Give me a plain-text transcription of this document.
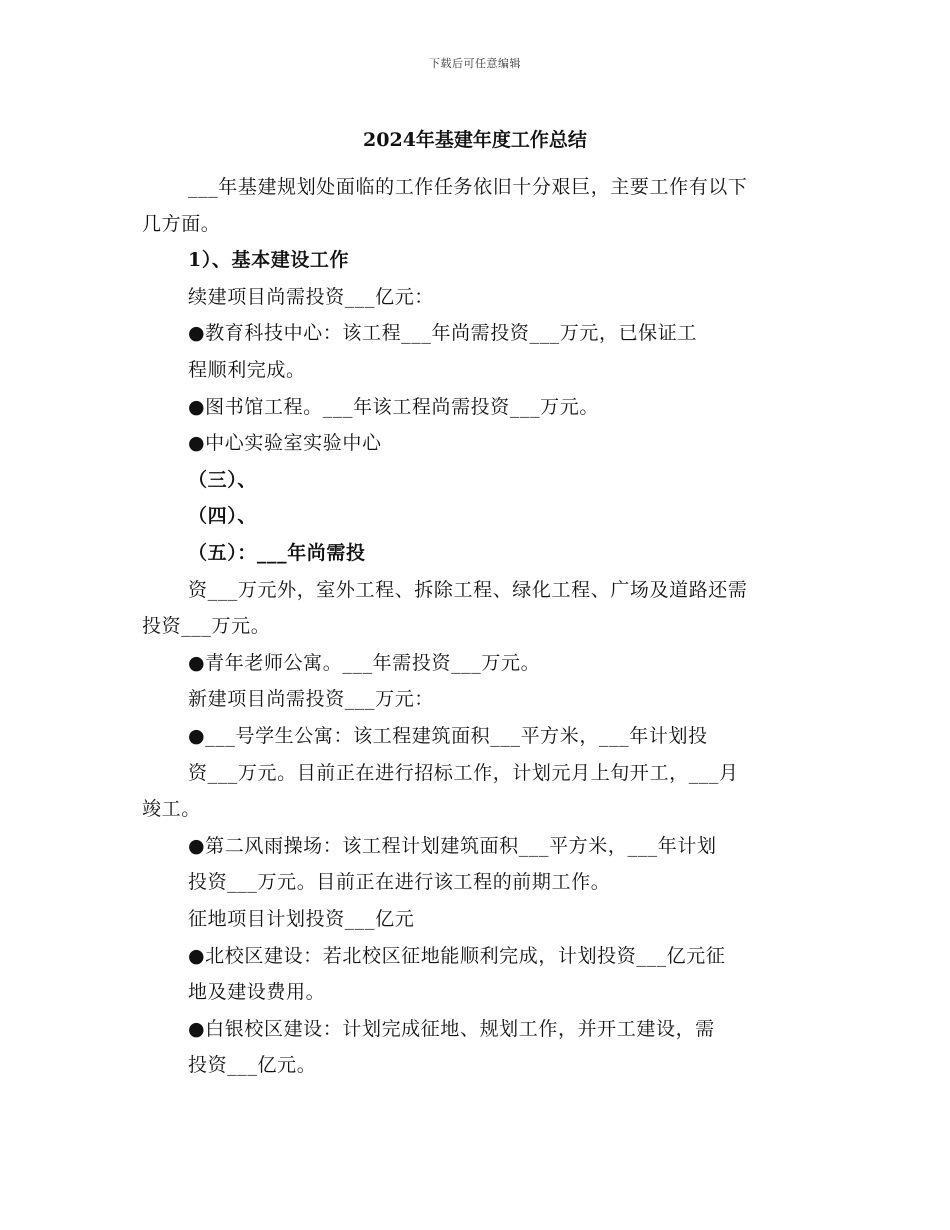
下载后可任意编辑
2024年基建年度工作总结
___年基建规划处面临的工作任务依旧十分艰巨，主要工作有以下
几方面。
1）、基本建设工作
续建项目尚需投资___亿元：
●教育科技中心：该工程___年尚需投资___万元，已保证工
程顺利完成。
●图书馆工程。___年该工程尚需投资___万元。
●中心实验室实验中心
（三）、
（四）、
（五）：___年尚需投
资___万元外，室外工程、拆除工程、绿化工程、广场及道路还需
投资___万元。
●青年老师公寓。___年需投资___万元。
新建项目尚需投资___万元：
●___号学生公寓：该工程建筑面积___平方米，___年计划投
资___万元。目前正在进行招标工作，计划元月上旬开工，___月
竣工。
●第二风雨操场：该工程计划建筑面积___平方米，___年计划
投资___万元。目前正在进行该工程的前期工作。
征地项目计划投资___亿元
●北校区建设：若北校区征地能顺利完成，计划投资___亿元征
地及建设费用。
●白银校区建设：计划完成征地、规划工作，并开工建设，需
投资___亿元。
